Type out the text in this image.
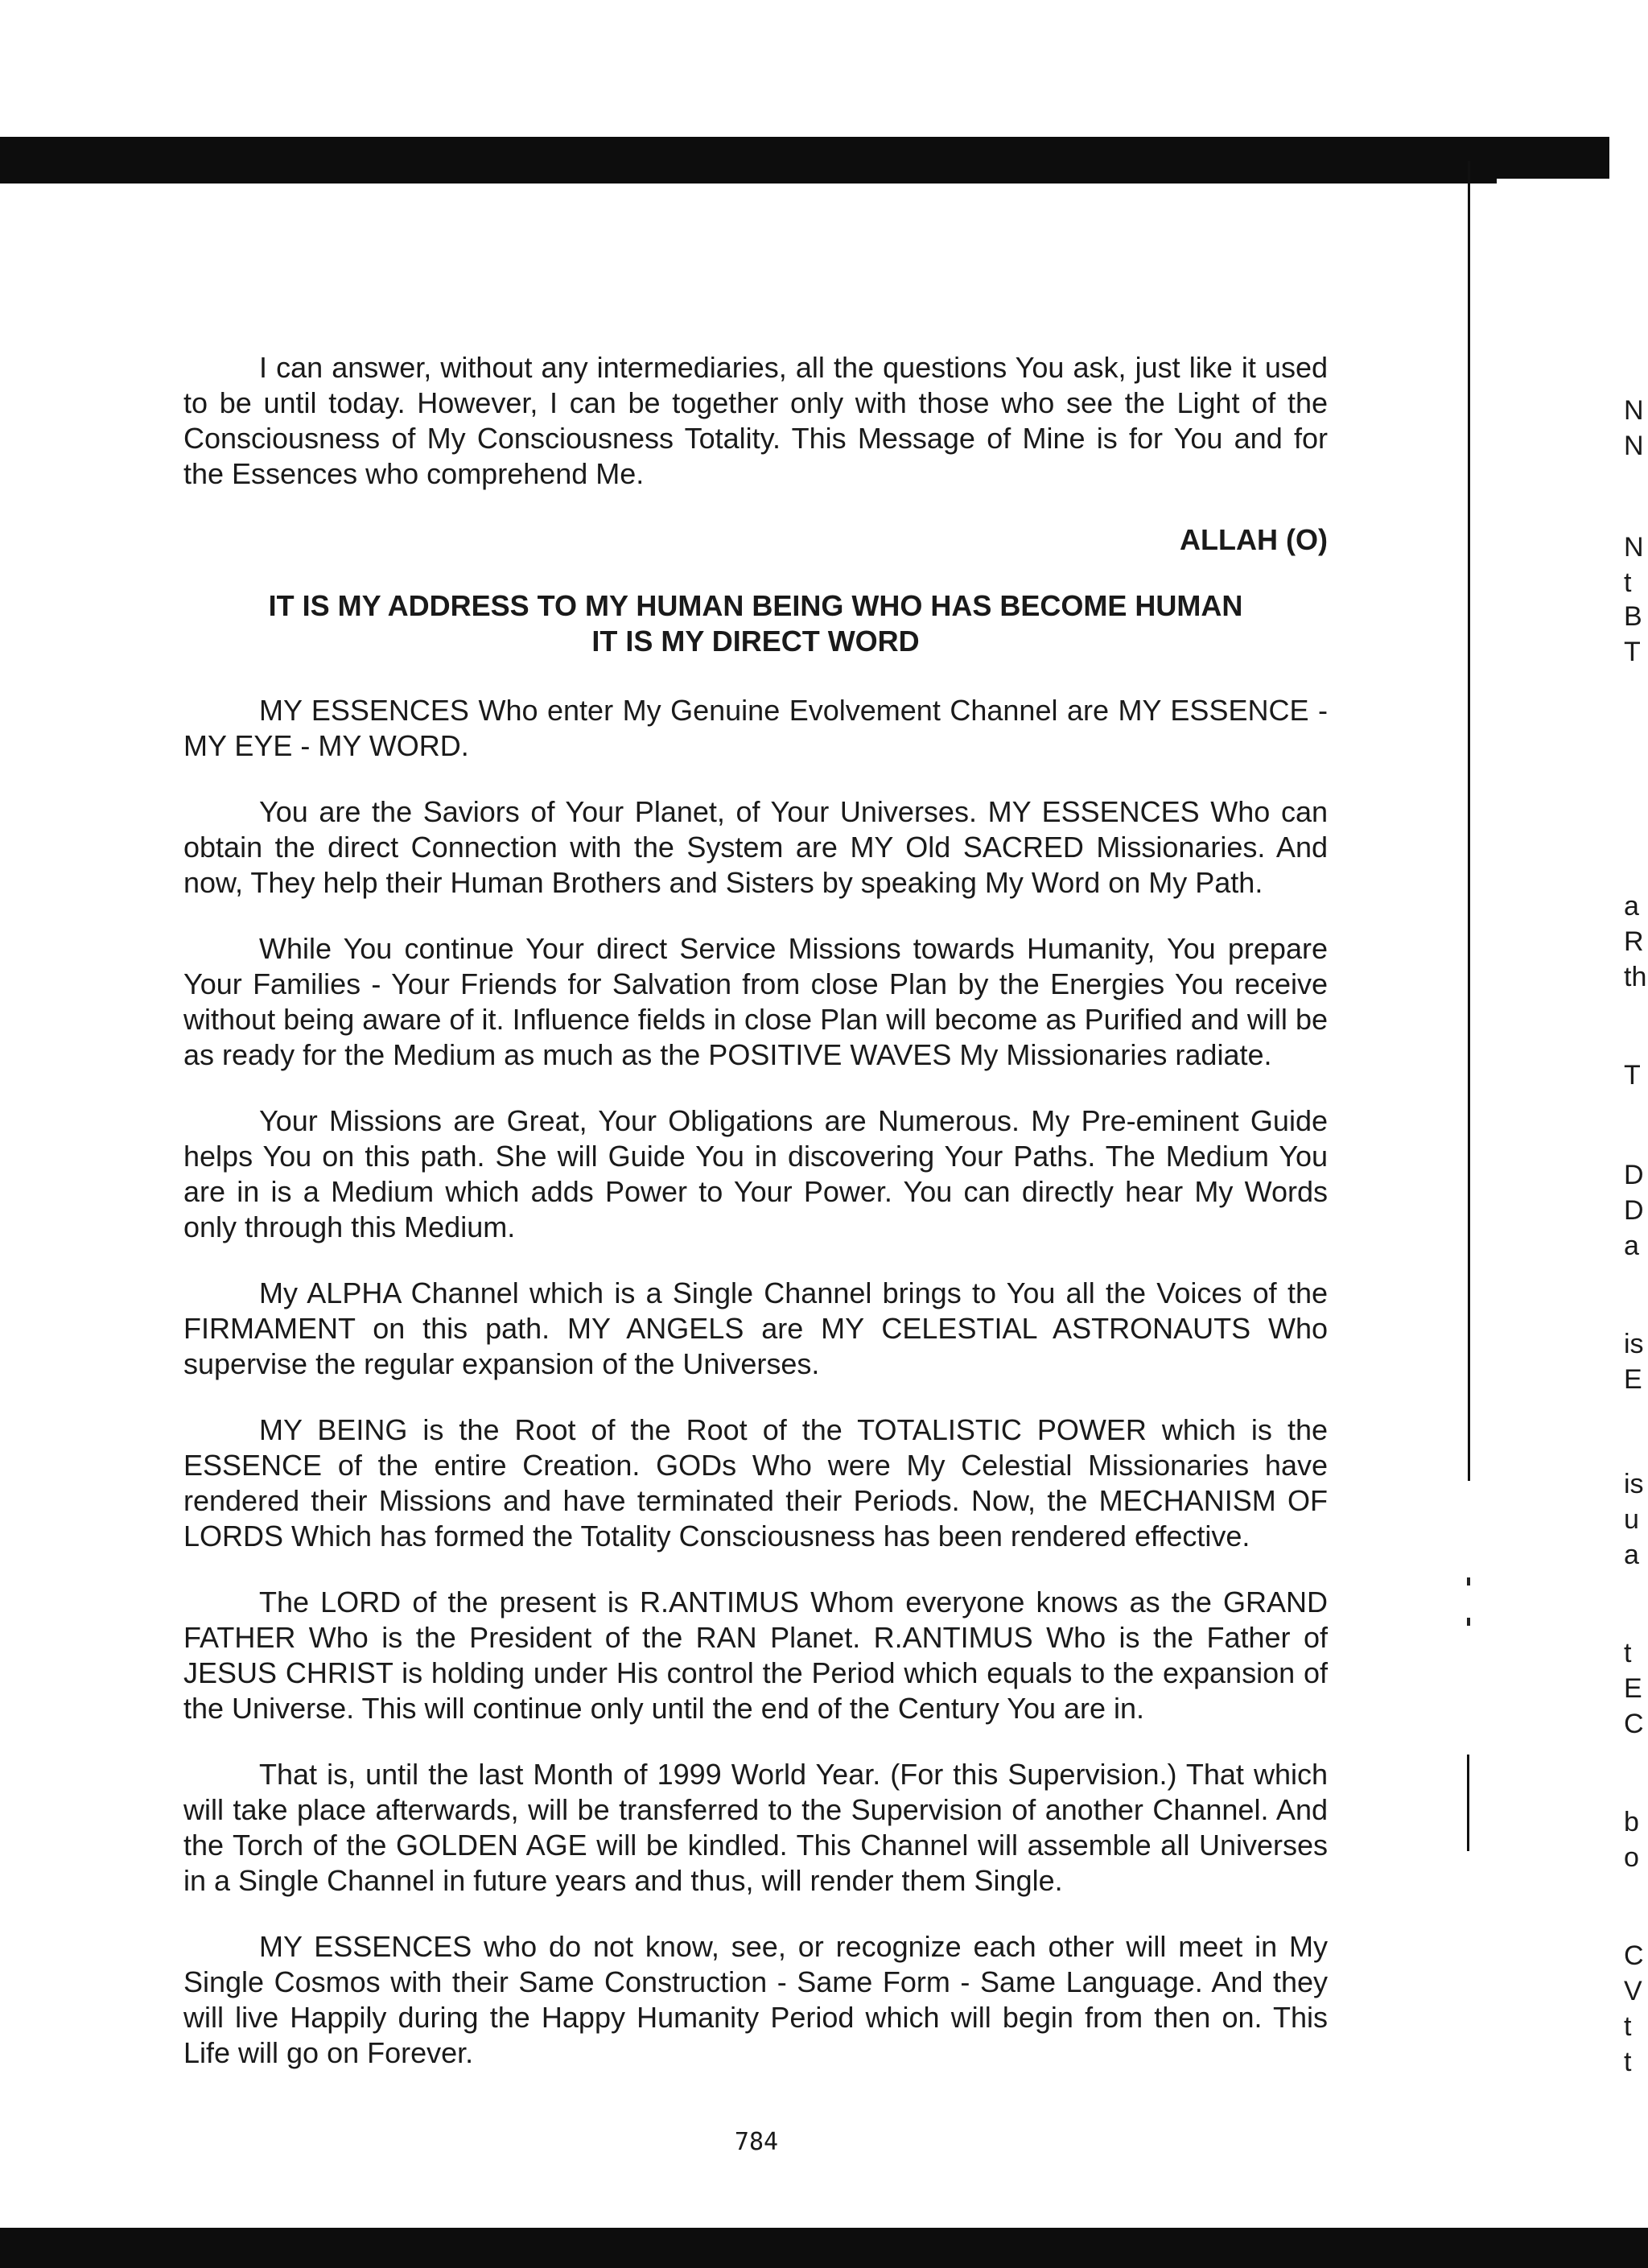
N
N
N
t
B
T
a
R
th
T
D
D
a
is
E
is
u
a
t
E
C
b
o
C
V
t
t

I can answer, without any intermediaries, all the questions You ask, just like it used to be until today. However, I can be together only with those who see the Light of the Consciousness of My Consciousness Totality. This Message of Mine is for You and for the Essences who comprehend Me.

ALLAH (O)

IT IS MY ADDRESS TO MY HUMAN BEING WHO HAS BECOME HUMAN
IT IS MY DIRECT WORD

MY ESSENCES Who enter My Genuine Evolvement Channel are MY ESSENCE - MY EYE - MY WORD.

You are the Saviors of Your Planet, of Your Universes. MY ESSENCES Who can obtain the direct Connection with the System are MY Old SACRED Missionaries. And now, They help their Human Brothers and Sisters by speaking My Word on My Path.

While You continue Your direct Service Missions towards Humanity, You prepare Your Families - Your Friends for Salvation from close Plan by the Energies You receive without being aware of it. Influence fields in close Plan will become as Purified and will be as ready for the Medium as much as the POSITIVE WAVES My Missionaries radiate.

Your Missions are Great, Your Obligations are Numerous. My Pre-eminent Guide helps You on this path. She will Guide You in discovering Your Paths. The Medium You are in is a Medium which adds Power to Your Power. You can directly hear My Words only through this Medium.

My ALPHA Channel which is a Single Channel brings to You all the Voices of the FIRMAMENT on this path. MY ANGELS are MY CELESTIAL ASTRONAUTS Who supervise the regular expansion of the Universes.

MY BEING is the Root of the Root of the TOTALISTIC POWER which is the ESSENCE of the entire Creation. GODs Who were My Celestial Missionaries have rendered their Missions and have terminated their Periods. Now, the MECHANISM OF LORDS Which has formed the Totality Consciousness has been rendered effective.

The LORD of the present is R.ANTIMUS Whom everyone knows as the GRAND FATHER Who is the President of the RAN Planet. R.ANTIMUS Who is the Father of JESUS CHRIST is holding under His control the Period which equals to the expansion of the Universe. This will continue only until the end of the Century You are in.

That is, until the last Month of 1999 World Year. (For this Supervision.) That which will take place afterwards, will be transferred to the Supervision of another Channel. And the Torch of the GOLDEN AGE will be kindled. This Channel will assemble all Universes in a Single Channel in future years and thus, will render them Single.

MY ESSENCES who do not know, see, or recognize each other will meet in My Single Cosmos with their Same Construction - Same Form - Same Language. And they will live Happily during the Happy Humanity Period which will begin from then on. This Life will go on Forever.

784
